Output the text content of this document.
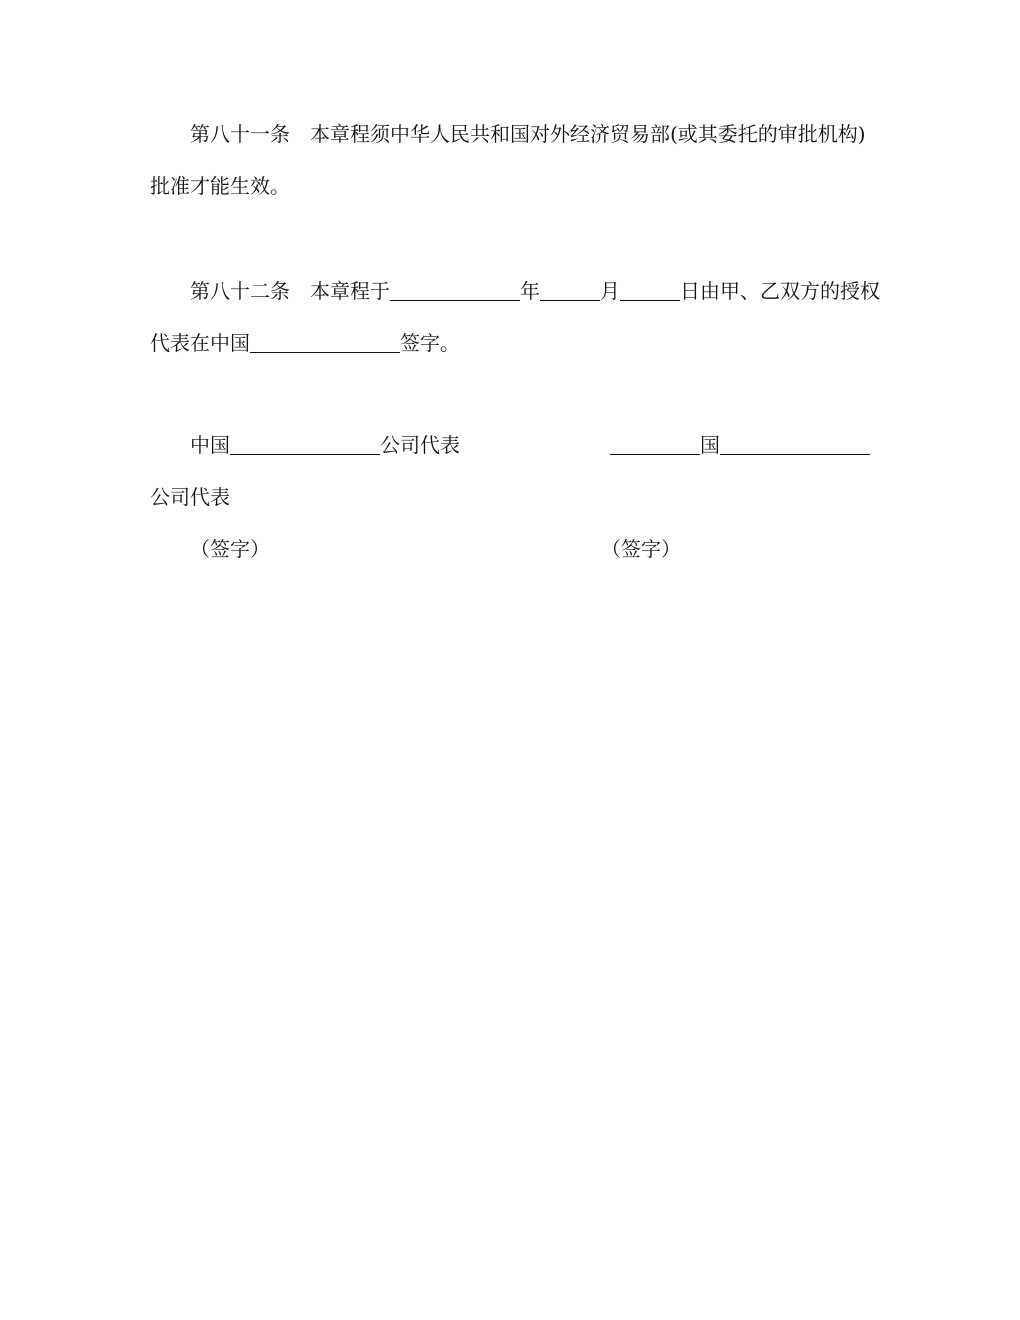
第八十一条 本章程须中华人民共和国对外经济贸易部(或其委托的审批机构)
批准才能生效。
第八十二条 本章程于	年	月	日由甲、乙双方的授权
代表在中国	签字。
中国	公司代表	国
公司代表
（签字）	（签字）
